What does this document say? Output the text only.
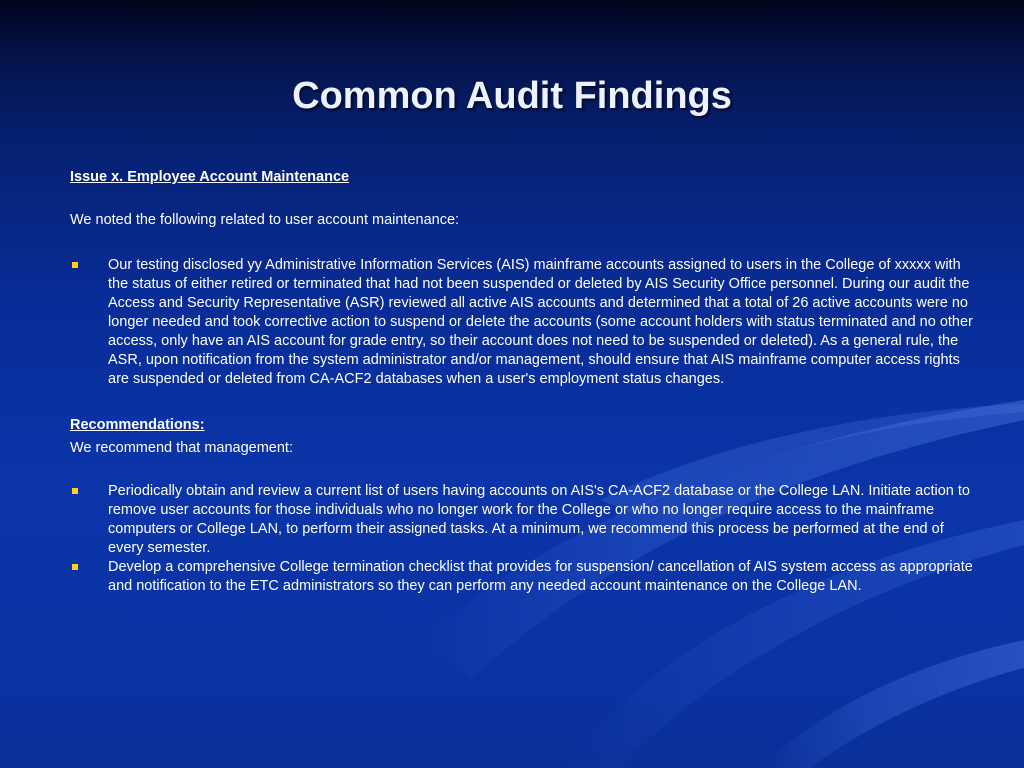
Common Audit Findings

Issue x. Employee Account Maintenance

We noted the following related to user account maintenance:

Our testing disclosed yy Administrative Information Services (AIS) mainframe accounts assigned to users in the College of xxxxx with the status of either retired or terminated that had not been suspended or deleted by AIS Security Office personnel. During our audit the Access and Security Representative (ASR) reviewed all active AIS accounts and determined that a total of 26 active accounts were no longer needed and took corrective action to suspend or delete the accounts (some account holders with status terminated and no other access, only have an AIS account for grade entry, so their account does not need to be suspended or deleted). As a general rule, the ASR, upon notification from the system administrator and/or management, should ensure that AIS mainframe computer access rights are suspended or deleted from CA-ACF2 databases when a user's employment status changes.

Recommendations:

We recommend that management:

Periodically obtain and review a current list of users having accounts on AIS's CA-ACF2 database or the College LAN. Initiate action to remove user accounts for those individuals who no longer work for the College or who no longer require access to the mainframe computers or College LAN, to perform their assigned tasks. At a minimum, we recommend this process be performed at the end of every semester.

Develop a comprehensive College termination checklist that provides for suspension/ cancellation of AIS system access as appropriate and notification to the ETC administrators so they can perform any needed account maintenance on the College LAN.
